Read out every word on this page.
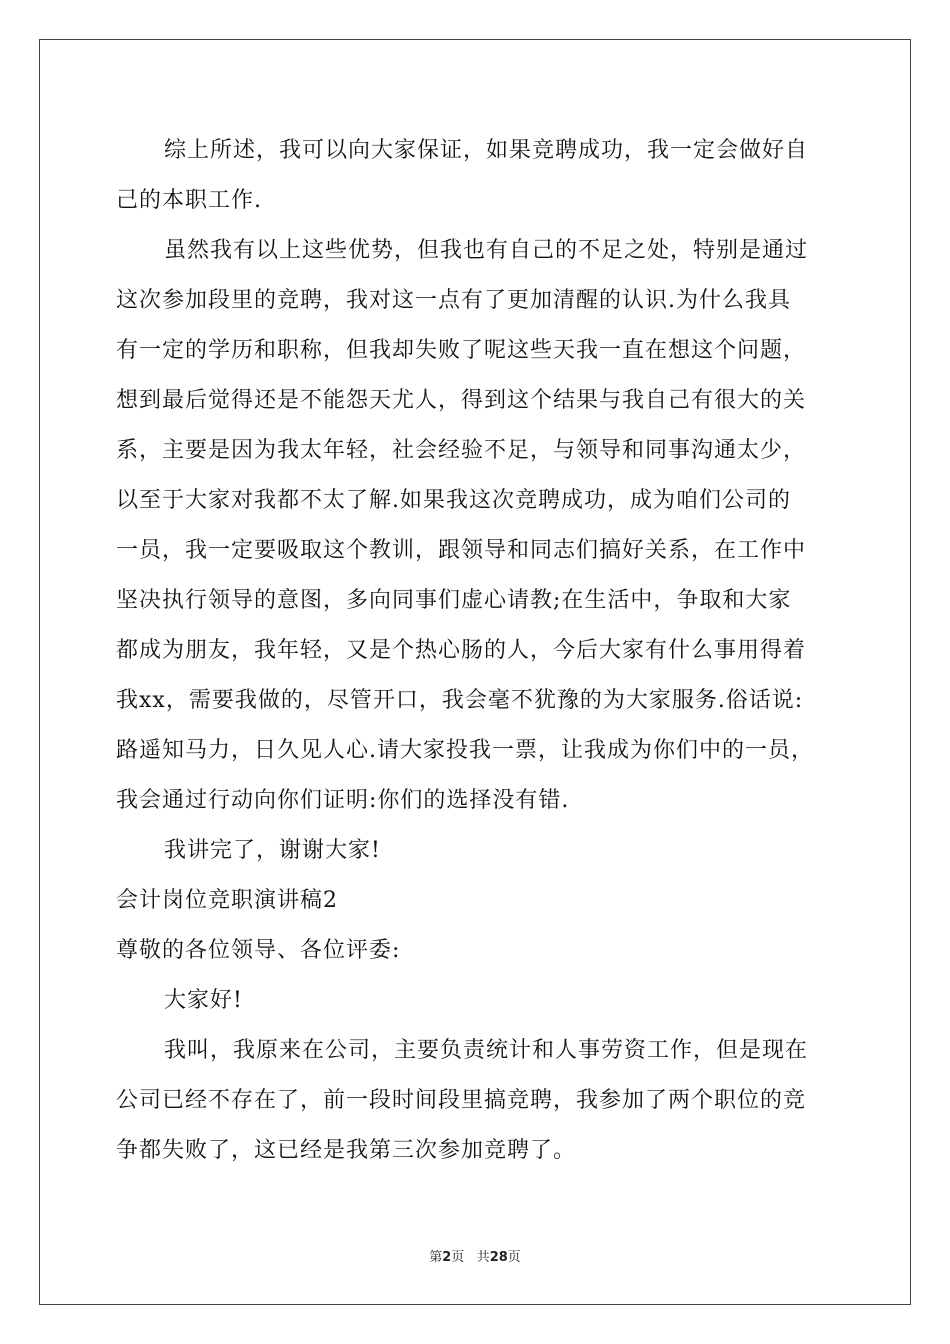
综上所述，我可以向大家保证，如果竞聘成功，我一定会做好自
己的本职工作.
虽然我有以上这些优势，但我也有自己的不足之处，特别是通过
这次参加段里的竞聘，我对这一点有了更加清醒的认识.为什么我具
有一定的学历和职称，但我却失败了呢这些天我一直在想这个问题，
想到最后觉得还是不能怨天尤人，得到这个结果与我自己有很大的关
系，主要是因为我太年轻，社会经验不足，与领导和同事沟通太少，
以至于大家对我都不太了解.如果我这次竞聘成功，成为咱们公司的
一员，我一定要吸取这个教训，跟领导和同志们搞好关系，在工作中
坚决执行领导的意图，多向同事们虚心请教;在生活中，争取和大家
都成为朋友，我年轻，又是个热心肠的人，今后大家有什么事用得着
我xx，需要我做的，尽管开口，我会毫不犹豫的为大家服务.俗话说:
路遥知马力，日久见人心.请大家投我一票，让我成为你们中的一员，
我会通过行动向你们证明:你们的选择没有错.
我讲完了，谢谢大家!
会计岗位竞职演讲稿2
尊敬的各位领导、各位评委:
大家好!
我叫，我原来在公司，主要负责统计和人事劳资工作，但是现在
公司已经不存在了，前一段时间段里搞竞聘，我参加了两个职位的竞
争都失败了，这已经是我第三次参加竞聘了。
第2页 共28页
